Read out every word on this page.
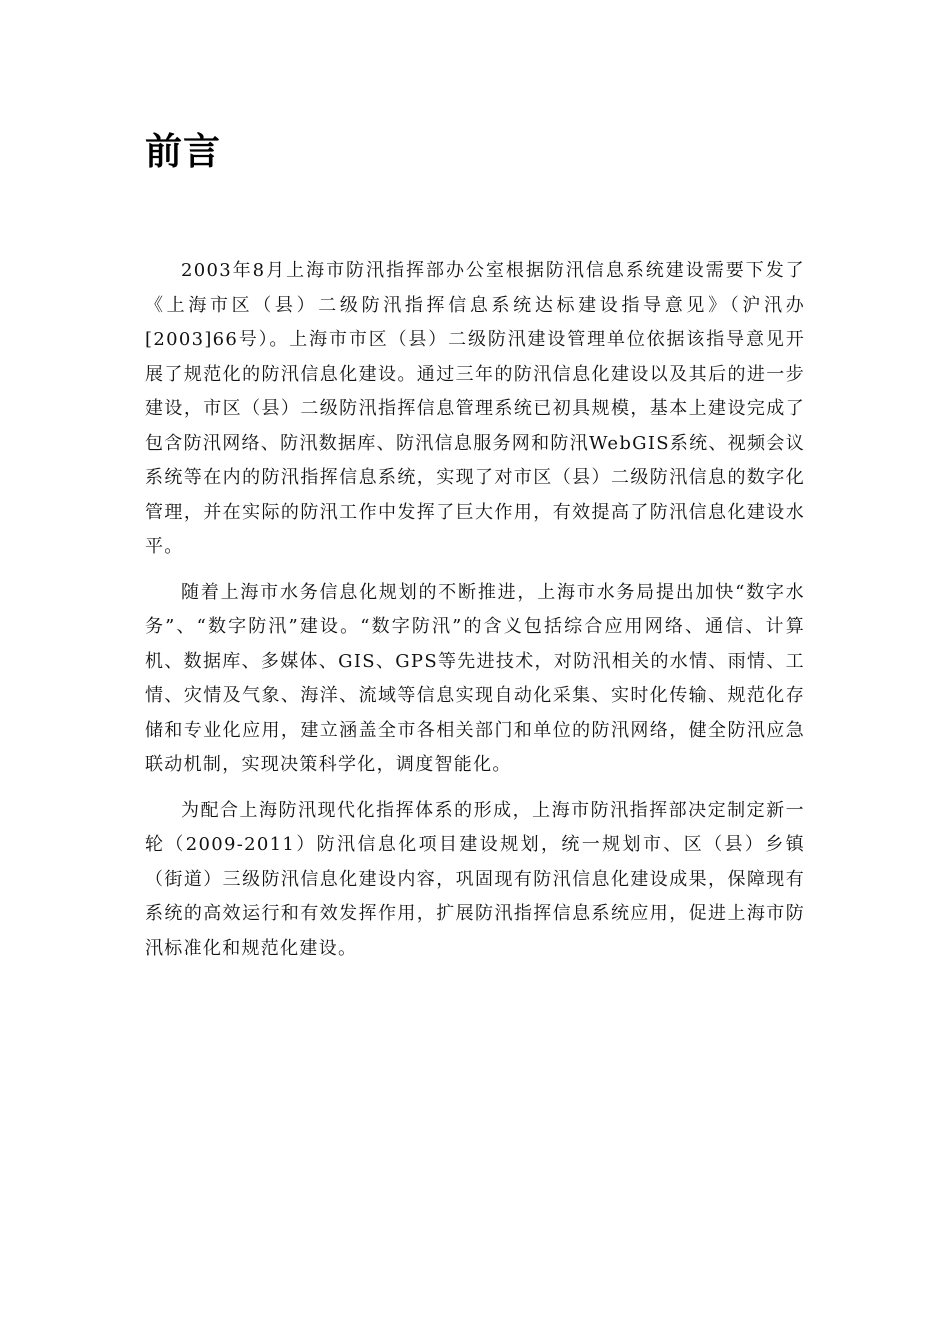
前言

2003年8月上海市防汛指挥部办公室根据防汛信息系统建设需要下发了《上海市区（县）二级防汛指挥信息系统达标建设指导意见》（沪汛办[2003]66号）。上海市市区（县）二级防汛建设管理单位依据该指导意见开展了规范化的防汛信息化建设。通过三年的防汛信息化建设以及其后的进一步建设，市区（县）二级防汛指挥信息管理系统已初具规模，基本上建设完成了包含防汛网络、防汛数据库、防汛信息服务网和防汛WebGIS系统、视频会议系统等在内的防汛指挥信息系统，实现了对市区（县）二级防汛信息的数字化管理，并在实际的防汛工作中发挥了巨大作用，有效提高了防汛信息化建设水平。

随着上海市水务信息化规划的不断推进，上海市水务局提出加快“数字水务”、“数字防汛”建设。“数字防汛”的含义包括综合应用网络、通信、计算机、数据库、多媒体、GIS、GPS等先进技术，对防汛相关的水情、雨情、工情、灾情及气象、海洋、流域等信息实现自动化采集、实时化传输、规范化存储和专业化应用，建立涵盖全市各相关部门和单位的防汛网络，健全防汛应急联动机制，实现决策科学化，调度智能化。

为配合上海防汛现代化指挥体系的形成，上海市防汛指挥部决定制定新一轮（2009-2011）防汛信息化项目建设规划，统一规划市、区（县）乡镇（街道）三级防汛信息化建设内容，巩固现有防汛信息化建设成果，保障现有系统的高效运行和有效发挥作用，扩展防汛指挥信息系统应用，促进上海市防汛标准化和规范化建设。
